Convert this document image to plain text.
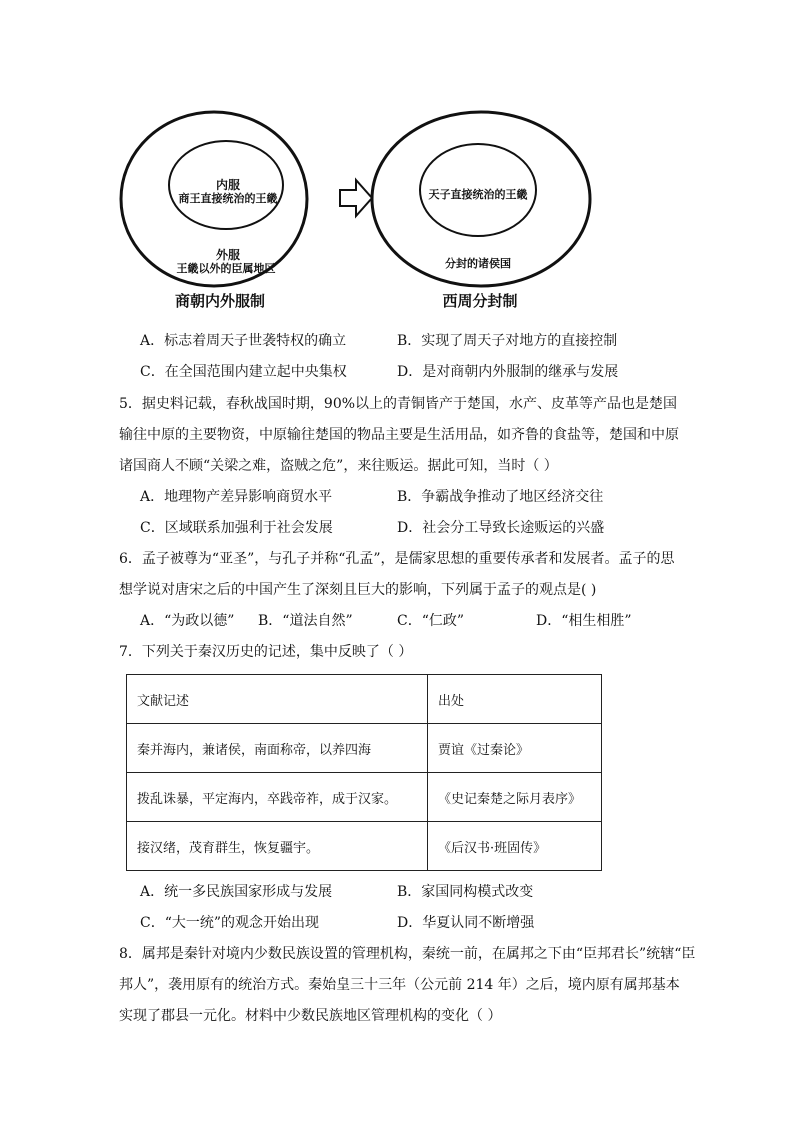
内服
商王直接统治的王畿
外服
王畿以外的臣属地区
商朝内外服制
天子直接统治的王畿
分封的诸侯国
西周分封制
A．标志着周天子世袭特权的确立	B．实现了周天子对地方的直接控制
C．在全国范围内建立起中央集权	D．是对商朝内外服制的继承与发展
5．据史料记载，春秋战国时期，90%以上的青铜皆产于楚国，水产、皮革等产品也是楚国
输往中原的主要物资，中原输往楚国的物品主要是生活用品，如齐鲁的食盐等，楚国和中原
诸国商人不顾“关梁之难，盗贼之危”，来往贩运。据此可知，当时（ ）
A．地理物产差异影响商贸水平	B．争霸战争推动了地区经济交往
C．区域联系加强利于社会发展	D．社会分工导致长途贩运的兴盛
6．孟子被尊为“亚圣”，与孔子并称“孔孟”，是儒家思想的重要传承者和发展者。孟子的思
想学说对唐宋之后的中国产生了深刻且巨大的影响，下列属于孟子的观点是( )
A．“为政以德” B．“道法自然”	C．“仁政”	D．“相生相胜”
7．下列关于秦汉历史的记述，集中反映了（ ）
文献记述	出处
秦并海内，兼诸侯，南面称帝，以养四海	贾谊《过秦论》
拨乱诛暴，平定海内，卒践帝祚，成于汉家。	《史记秦楚之际月表序》
接汉绪，茂育群生，恢复疆宇。	《后汉书·班固传》
A．统一多民族国家形成与发展	B．家国同构模式改变
C．“大一统”的观念开始出现	D．华夏认同不断增强
8．属邦是秦针对境内少数民族设置的管理机构，秦统一前，在属邦之下由“臣邦君长”统辖“臣
邦人”，袭用原有的统治方式。秦始皇三十三年（公元前 214 年）之后，境内原有属邦基本
实现了郡县一元化。材料中少数民族地区管理机构的变化（ ）
